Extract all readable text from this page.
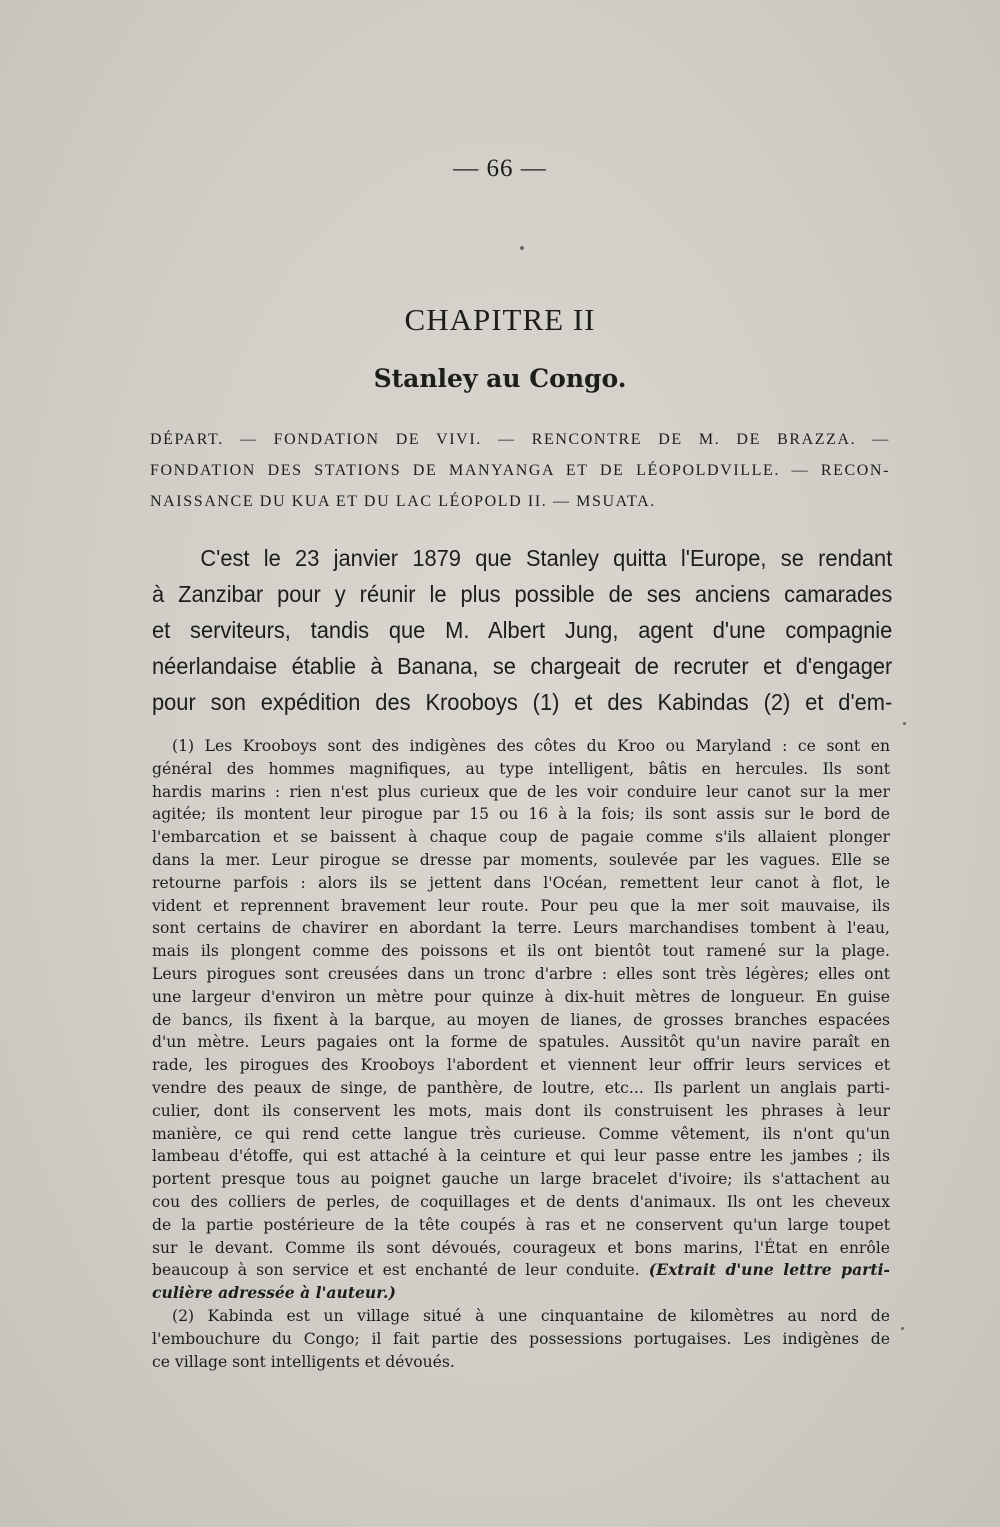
— 66 —
CHAPITRE II
Stanley au Congo.
DÉPART. — FONDATION DE VIVI. — RENCONTRE DE M. DE BRAZZA. —
FONDATION DES STATIONS DE MANYANGA ET DE LÉOPOLDVILLE. — RECON-
NAISSANCE DU KUA ET DU LAC LÉOPOLD II. — MSUATA.
C'est le 23 janvier 1879 que Stanley quitta l'Europe, se rendant
à Zanzibar pour y réunir le plus possible de ses anciens camarades
et serviteurs, tandis que M. Albert Jung, agent d'une compagnie
néerlandaise établie à Banana, se chargeait de recruter et d'engager
pour son expédition des Krooboys (1) et des Kabindas (2) et d'em-
(1) Les Krooboys sont des indigènes des côtes du Kroo ou Maryland : ce sont en
général des hommes magnifiques, au type intelligent, bâtis en hercules. Ils sont
hardis marins : rien n'est plus curieux que de les voir conduire leur canot sur la mer
agitée; ils montent leur pirogue par 15 ou 16 à la fois; ils sont assis sur le bord de
l'embarcation et se baissent à chaque coup de pagaie comme s'ils allaient plonger
dans la mer. Leur pirogue se dresse par moments, soulevée par les vagues. Elle se
retourne parfois : alors ils se jettent dans l'Océan, remettent leur canot à flot, le
vident et reprennent bravement leur route. Pour peu que la mer soit mauvaise, ils
sont certains de chavirer en abordant la terre. Leurs marchandises tombent à l'eau,
mais ils plongent comme des poissons et ils ont bientôt tout ramené sur la plage.
Leurs pirogues sont creusées dans un tronc d'arbre : elles sont très légères; elles ont
une largeur d'environ un mètre pour quinze à dix-huit mètres de longueur. En guise
de bancs, ils fixent à la barque, au moyen de lianes, de grosses branches espacées
d'un mètre. Leurs pagaies ont la forme de spatules. Aussitôt qu'un navire paraît en
rade, les pirogues des Krooboys l'abordent et viennent leur offrir leurs services et
vendre des peaux de singe, de panthère, de loutre, etc... Ils parlent un anglais parti-
culier, dont ils conservent les mots, mais dont ils construisent les phrases à leur
manière, ce qui rend cette langue très curieuse. Comme vêtement, ils n'ont qu'un
lambeau d'étoffe, qui est attaché à la ceinture et qui leur passe entre les jambes ; ils
portent presque tous au poignet gauche un large bracelet d'ivoire; ils s'attachent au
cou des colliers de perles, de coquillages et de dents d'animaux. Ils ont les cheveux
de la partie postérieure de la tête coupés à ras et ne conservent qu'un large toupet
sur le devant. Comme ils sont dévoués, courageux et bons marins, l'État en enrôle
beaucoup à son service et est enchanté de leur conduite. (Extrait d'une lettre parti-
culière adressée à l'auteur.)
(2) Kabinda est un village situé à une cinquantaine de kilomètres au nord de
l'embouchure du Congo; il fait partie des possessions portugaises. Les indigènes de
ce village sont intelligents et dévoués.
